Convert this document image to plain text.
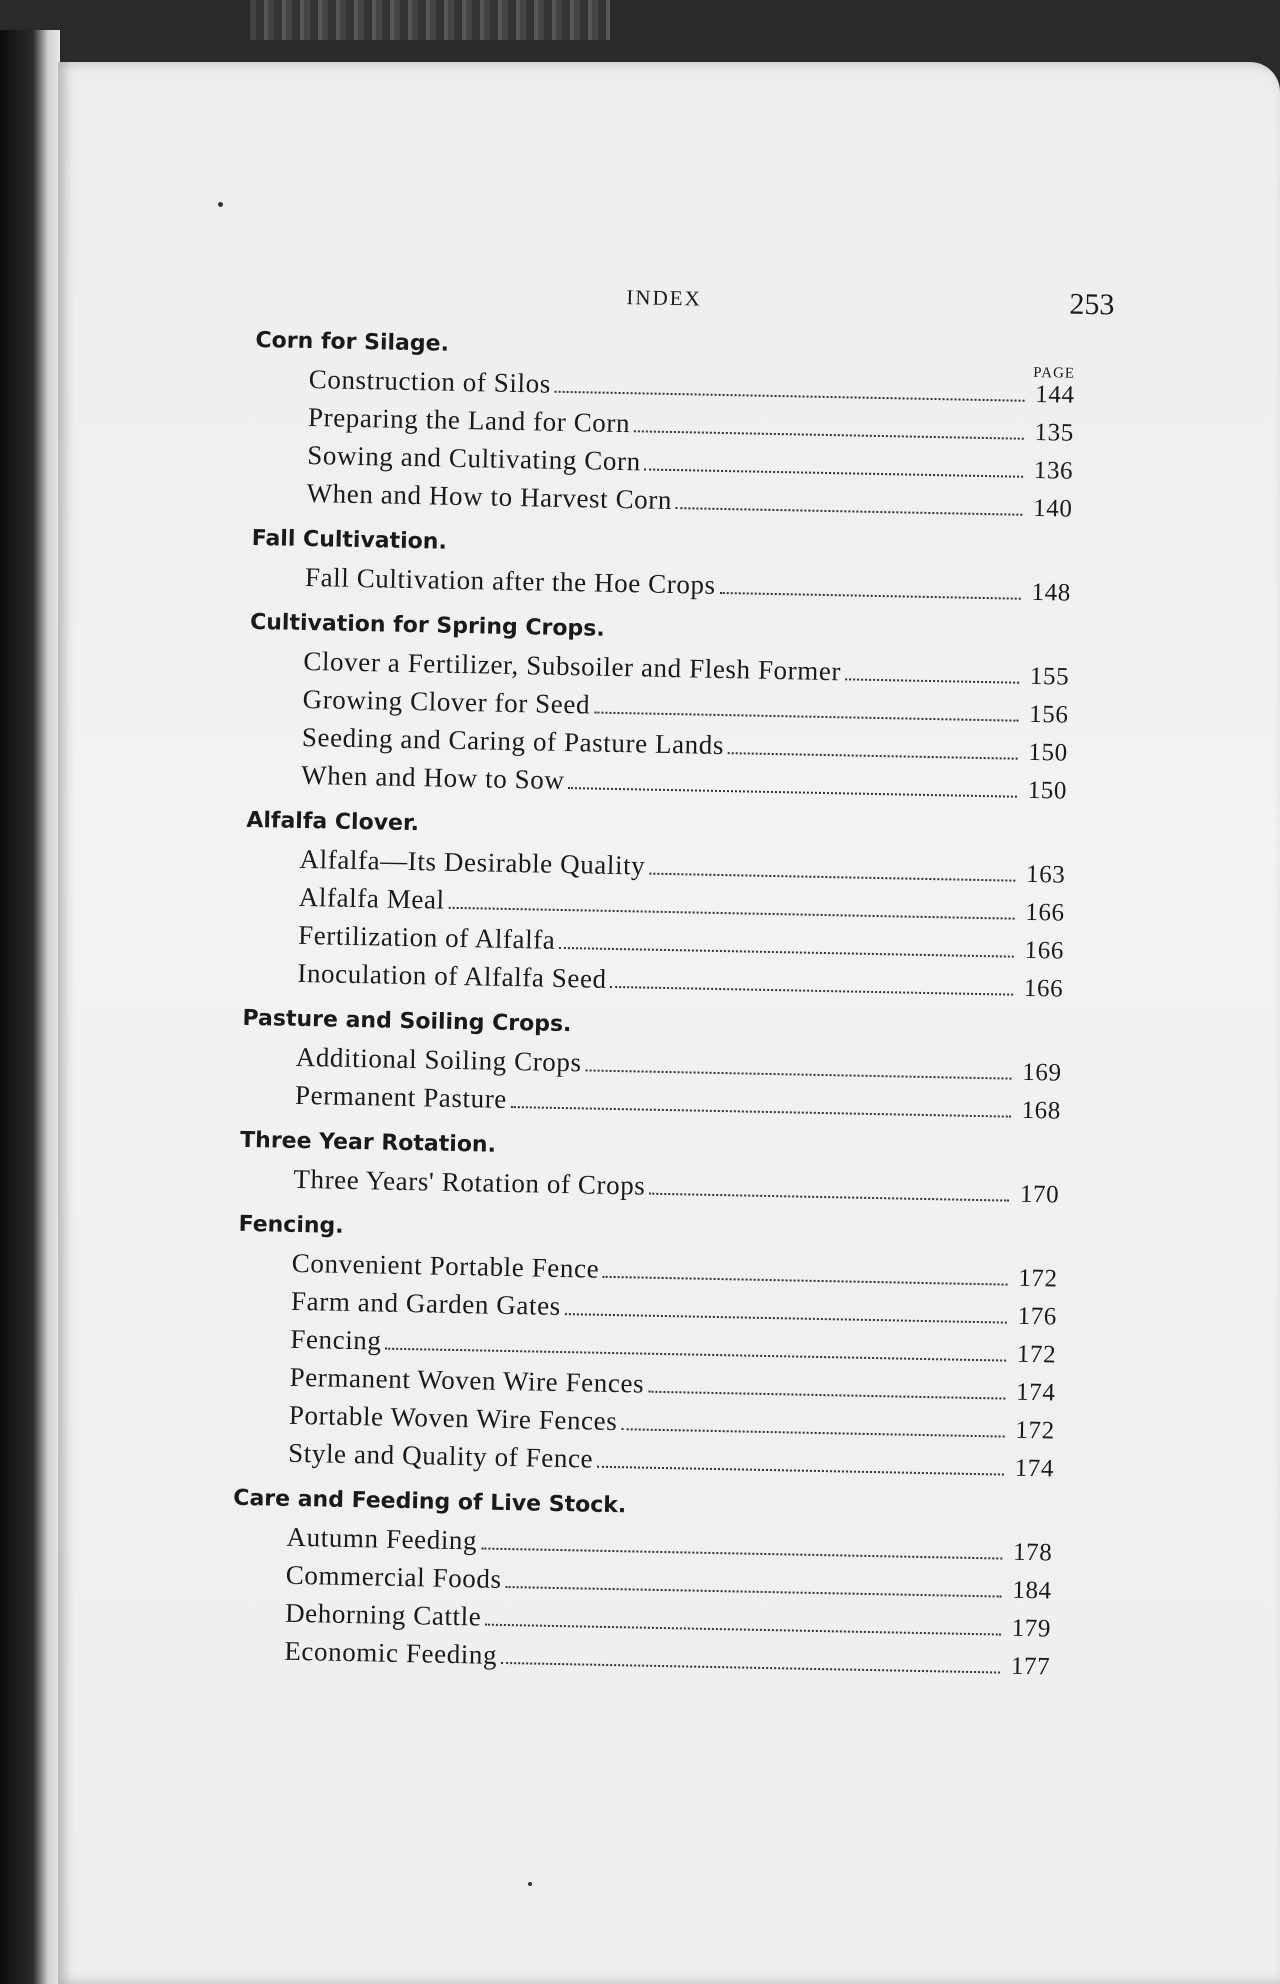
INDEX	253
PAGE
Corn for Silage.
Construction of Silos	144
Preparing the Land for Corn	135
Sowing and Cultivating Corn	136
When and How to Harvest Corn	140
Fall Cultivation.
Fall Cultivation after the Hoe Crops	148
Cultivation for Spring Crops.
Clover a Fertilizer, Subsoiler and Flesh Former	155
Growing Clover for Seed	156
Seeding and Caring of Pasture Lands	150
When and How to Sow	150
Alfalfa Clover.
Alfalfa—Its Desirable Quality	163
Alfalfa Meal	166
Fertilization of Alfalfa	166
Inoculation of Alfalfa Seed	166
Pasture and Soiling Crops.
Additional Soiling Crops	169
Permanent Pasture	168
Three Year Rotation.
Three Years' Rotation of Crops	170
Fencing.
Convenient Portable Fence	172
Farm and Garden Gates	176
Fencing	172
Permanent Woven Wire Fences	174
Portable Woven Wire Fences	172
Style and Quality of Fence	174
Care and Feeding of Live Stock.
Autumn Feeding	178
Commercial Foods	184
Dehorning Cattle	179
Economic Feeding	177
